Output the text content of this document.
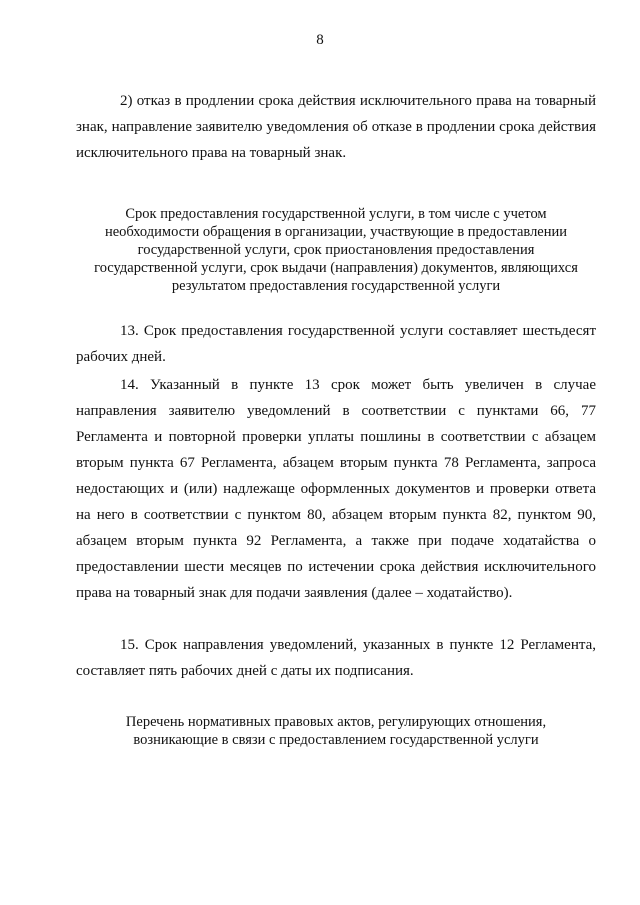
8

2) отказ в продлении срока действия исключительного права на товарный знак, направление заявителю уведомления об отказе в продлении срока действия исключительного права на товарный знак.

Срок предоставления государственной услуги, в том числе с учетом
необходимости обращения в организации, участвующие в предоставлении
государственной услуги, срок приостановления предоставления
государственной услуги, срок выдачи (направления) документов, являющихся
результатом предоставления государственной услуги

13. Срок предоставления государственной услуги составляет шестьдесят рабочих дней.

14. Указанный в пункте 13 срок может быть увеличен в случае направления заявителю уведомлений в соответствии с пунктами 66, 77 Регламента и повторной проверки уплаты пошлины в соответствии с абзацем вторым пункта 67 Регламента, абзацем вторым пункта 78 Регламента, запроса недостающих и (или) надлежаще оформленных документов и проверки ответа на него в соответствии с пунктом 80, абзацем вторым пункта 82, пунктом 90, абзацем вторым пункта 92 Регламента, а также при подаче ходатайства о предоставлении шести месяцев по истечении срока действия исключительного права на товарный знак для подачи заявления (далее – ходатайство).

15. Срок направления уведомлений, указанных в пункте 12 Регламента, составляет пять рабочих дней с даты их подписания.

Перечень нормативных правовых актов, регулирующих отношения,
возникающие в связи с предоставлением государственной услуги
